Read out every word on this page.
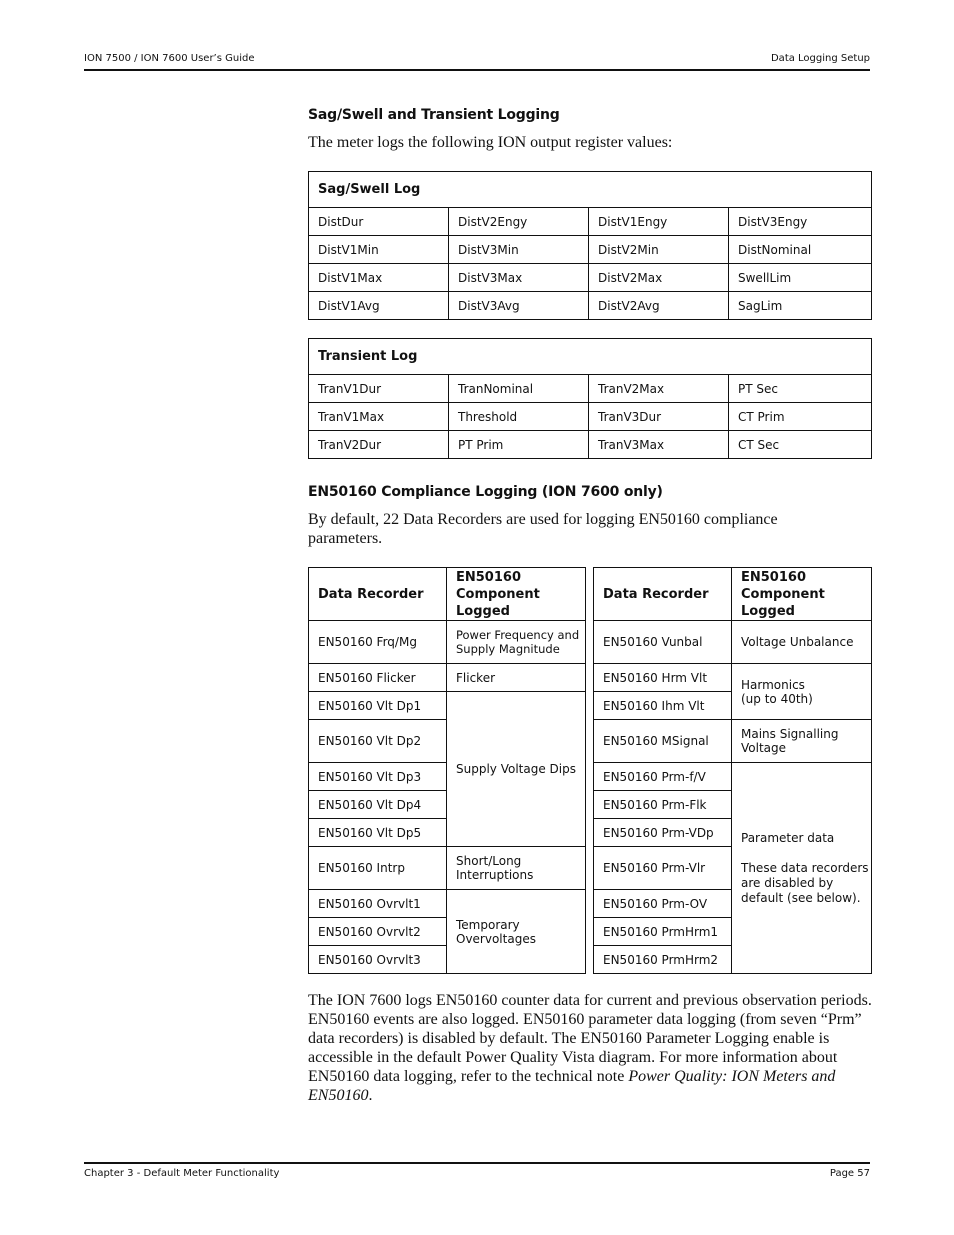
ION 7500 / ION 7600 User’s Guide	Data Logging Setup
Sag/Swell and Transient Logging
The meter logs the following ION output register values:
Sag/Swell Log			
DistDur	DistV2Engy	DistV1Engy	DistV3Engy
DistV1Min	DistV3Min	DistV2Min	DistNominal
DistV1Max	DistV3Max	DistV2Max	SwellLim
DistV1Avg	DistV3Avg	DistV2Avg	SagLim
Transient Log			
TranV1Dur	TranNominal	TranV2Max	PT Sec
TranV1Max	Threshold	TranV3Dur	CT Prim
TranV2Dur	PT Prim	TranV3Max	CT Sec
EN50160 Compliance Logging (ION 7600 only)
By default, 22 Data Recorders are used for logging EN50160 compliance parameters.
Data Recorder	EN50160
Component Logged
EN50160 Frq/Mg	Power Frequency and
Supply Magnitude
EN50160 Flicker	Flicker
EN50160 Vlt Dp1	Supply Voltage Dips
EN50160 Vlt Dp2	
EN50160 Vlt Dp3	
EN50160 Vlt Dp4	
EN50160 Vlt Dp5	
EN50160 Intrp	Short/Long
Interruptions
EN50160 Ovrvlt1	Temporary
Overvoltages
EN50160 Ovrvlt2	
EN50160 Ovrvlt3	
Data Recorder	EN50160
Component Logged
EN50160 Vunbal	Voltage Unbalance
EN50160 Hrm Vlt	Harmonics
(up to 40th)
EN50160 Ihm Vlt	
EN50160 MSignal	Mains Signalling
Voltage
EN50160 Prm-f/V	Parameter data
These data recorders
are disabled by
default (see below).
EN50160 Prm-Flk	
EN50160 Prm-VDp	
EN50160 Prm-Vlr	
EN50160 Prm-OV	
EN50160 PrmHrm1	
EN50160 PrmHrm2	
The ION 7600 logs EN50160 counter data for current and previous observation periods. EN50160 events are also logged. EN50160 parameter data logging (from seven “Prm” data recorders) is disabled by default. The EN50160 Parameter Logging enable is accessible in the default Power Quality Vista diagram. For more information about EN50160 data logging, refer to the technical note Power Quality: ION Meters and EN50160.
Chapter 3 - Default Meter Functionality	Page 57
